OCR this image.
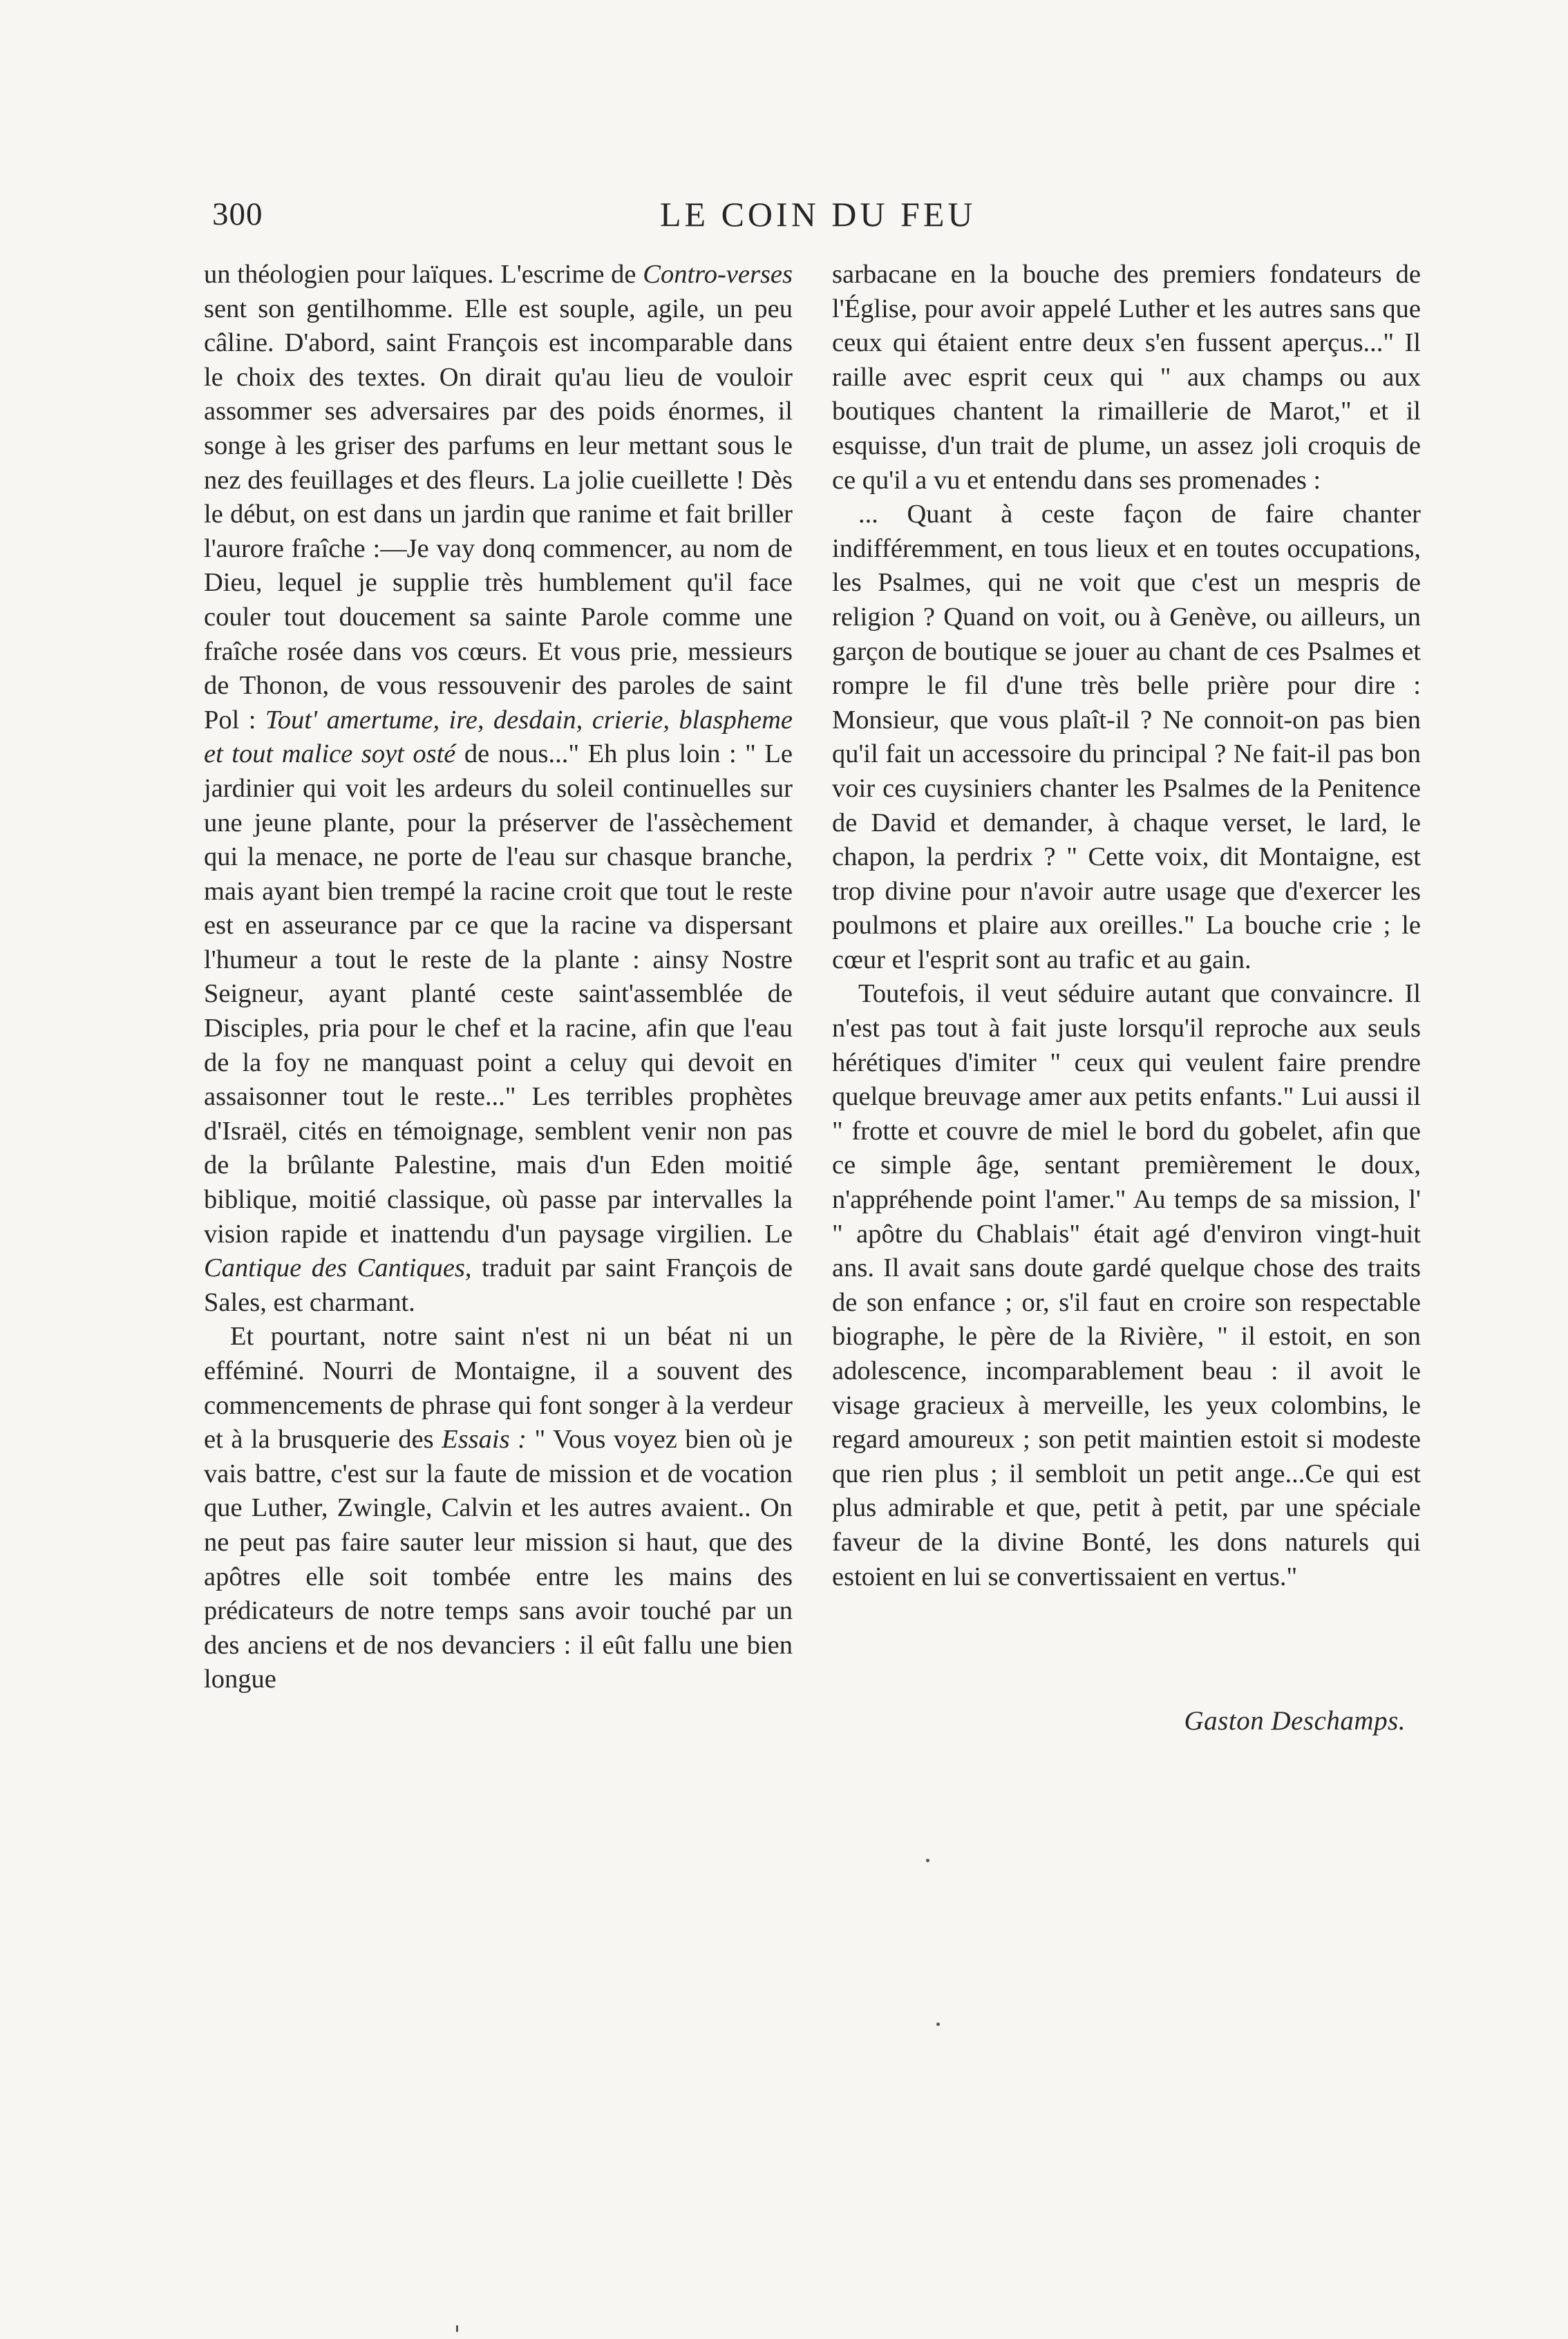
300	LE COIN DU FEU

un théologien pour laïques. L'escrime de Contro-verses sent son gentilhomme. Elle est souple, agile, un peu câline. D'abord, saint François est incomparable dans le choix des textes. On dirait qu'au lieu de vouloir assommer ses adversaires par des poids énormes, il songe à les griser des parfums en leur mettant sous le nez des feuillages et des fleurs. La jolie cueillette ! Dès le début, on est dans un jardin que ranime et fait briller l'aurore fraîche :—Je vay donq commencer, au nom de Dieu, lequel je supplie très humblement qu'il face couler tout doucement sa sainte Parole comme une fraîche rosée dans vos cœurs. Et vous prie, messieurs de Thonon, de vous ressouvenir des paroles de saint Pol : Tout' amertume, ire, desdain, crierie, blaspheme et tout malice soyt osté de nous..." Eh plus loin : " Le jardinier qui voit les ardeurs du soleil continuelles sur une jeune plante, pour la préserver de l'assèchement qui la menace, ne porte de l'eau sur chasque branche, mais ayant bien trempé la racine croit que tout le reste est en asseurance par ce que la racine va dispersant l'humeur a tout le reste de la plante : ainsy Nostre Seigneur, ayant planté ceste saint'assemblée de Disciples, pria pour le chef et la racine, afin que l'eau de la foy ne manquast point a celuy qui devoit en assaisonner tout le reste..." Les terribles prophètes d'Israël, cités en témoignage, semblent venir non pas de la brûlante Palestine, mais d'un Eden moitié biblique, moitié classique, où passe par intervalles la vision rapide et inattendu d'un paysage virgilien. Le Cantique des Cantiques, traduit par saint François de Sales, est charmant.

Et pourtant, notre saint n'est ni un béat ni un efféminé. Nourri de Montaigne, il a souvent des commencements de phrase qui font songer à la verdeur et à la brusquerie des Essais : " Vous voyez bien où je vais battre, c'est sur la faute de mission et de vocation que Luther, Zwingle, Calvin et les autres avaient.. On ne peut pas faire sauter leur mission si haut, que des apôtres elle soit tombée entre les mains des prédicateurs de notre temps sans avoir touché par un des anciens et de nos devanciers : il eût fallu une bien longue

sarbacane en la bouche des premiers fondateurs de l'Église, pour avoir appelé Luther et les autres sans que ceux qui étaient entre deux s'en fussent aperçus..." Il raille avec esprit ceux qui " aux champs ou aux boutiques chantent la rimaillerie de Marot," et il esquisse, d'un trait de plume, un assez joli croquis de ce qu'il a vu et entendu dans ses promenades :

... Quant à ceste façon de faire chanter indifféremment, en tous lieux et en toutes occupations, les Psalmes, qui ne voit que c'est un mespris de religion ? Quand on voit, ou à Genève, ou ailleurs, un garçon de boutique se jouer au chant de ces Psalmes et rompre le fil d'une très belle prière pour dire : Monsieur, que vous plaît-il ? Ne connoit-on pas bien qu'il fait un accessoire du principal ? Ne fait-il pas bon voir ces cuysiniers chanter les Psalmes de la Penitence de David et demander, à chaque verset, le lard, le chapon, la perdrix ? " Cette voix, dit Montaigne, est trop divine pour n'avoir autre usage que d'exercer les poulmons et plaire aux oreilles." La bouche crie ; le cœur et l'esprit sont au trafic et au gain.

Toutefois, il veut séduire autant que convaincre. Il n'est pas tout à fait juste lorsqu'il reproche aux seuls hérétiques d'imiter " ceux qui veulent faire prendre quelque breuvage amer aux petits enfants." Lui aussi il " frotte et couvre de miel le bord du gobelet, afin que ce simple âge, sentant premièrement le doux, n'appréhende point l'amer." Au temps de sa mission, l' " apôtre du Chablais" était agé d'environ vingt-huit ans. Il avait sans doute gardé quelque chose des traits de son enfance ; or, s'il faut en croire son respectable biographe, le père de la Rivière, " il estoit, en son adolescence, incomparablement beau : il avoit le visage gracieux à merveille, les yeux colombins, le regard amoureux ; son petit maintien estoit si modeste que rien plus ; il sembloit un petit ange...Ce qui est plus admirable et que, petit à petit, par une spéciale faveur de la divine Bonté, les dons naturels qui estoient en lui se convertissaient en vertus."

Gaston Deschamps.
